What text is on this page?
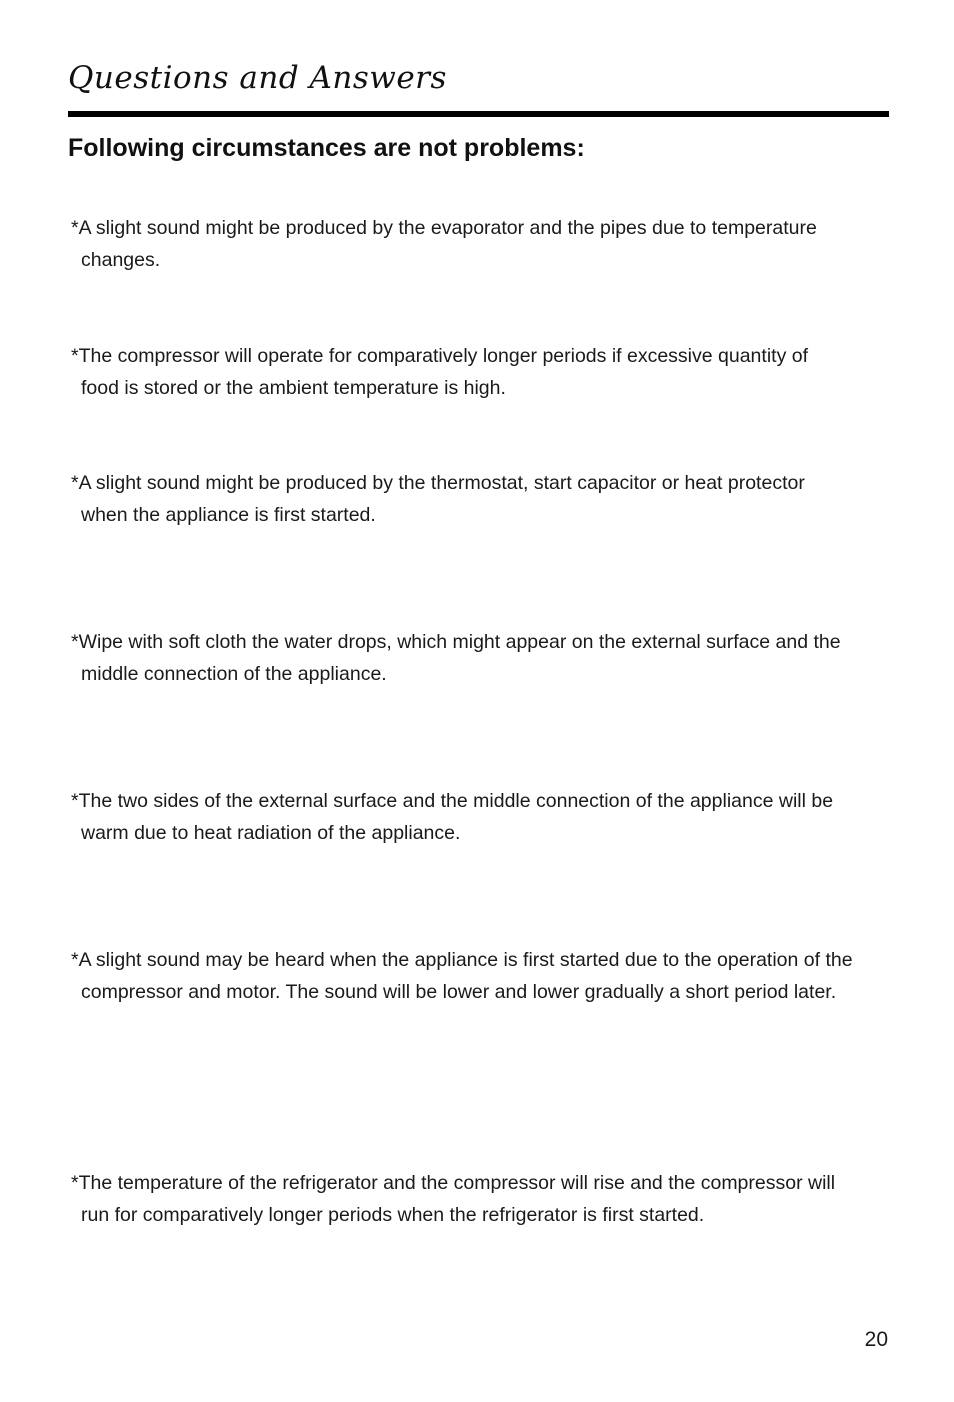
Questions and Answers
Following circumstances are not problems:
*A slight sound might be produced by the evaporator and the pipes due to temperature
changes.
*The compressor will operate for comparatively longer periods if excessive quantity of
food is stored or the ambient temperature is high.
*A slight sound might be produced by the thermostat, start capacitor or heat protector
when the appliance is first started.
*Wipe with soft cloth the water drops, which might appear on the external surface and the
middle connection of the appliance.
*The two sides of the external surface and the middle connection of the appliance will be
warm due to heat radiation of the appliance.
*A slight sound may be heard when the appliance is first started due to the operation of the
compressor and motor. The sound will be lower and lower gradually a short period later.
*The temperature of the refrigerator and the compressor will rise and the compressor will
run for comparatively longer periods when the refrigerator is first started.
20
